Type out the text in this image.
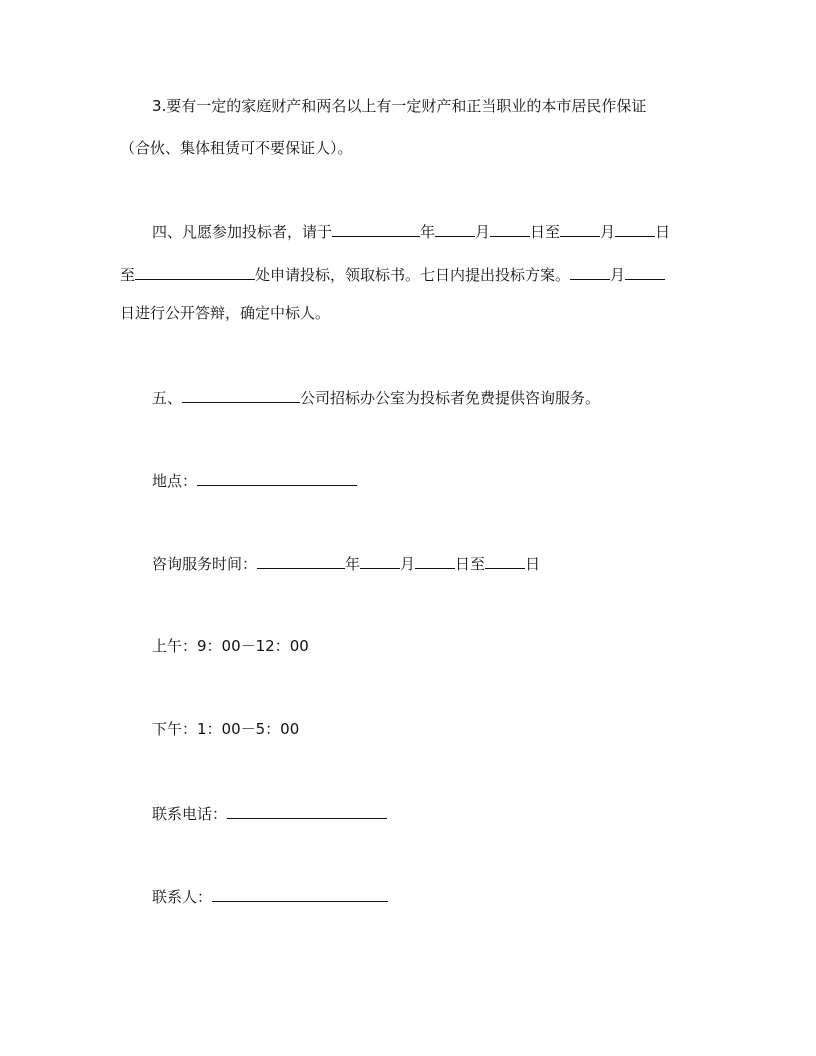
3.要有一定的家庭财产和两名以上有一定财产和正当职业的本市居民作保证
（合伙、集体租赁可不要保证人）。
四、凡愿参加投标者，请于	年	月	日至	月	日
至	处申请投标，领取标书。七日内提出投标方案。	月
日进行公开答辩，确定中标人。
五、	公司招标办公室为投标者免费提供咨询服务。
地点：
咨询服务时间：	年	月	日至	日
上午：9：00－12：00
下午：1：00－5：00
联系电话：
联系人：
